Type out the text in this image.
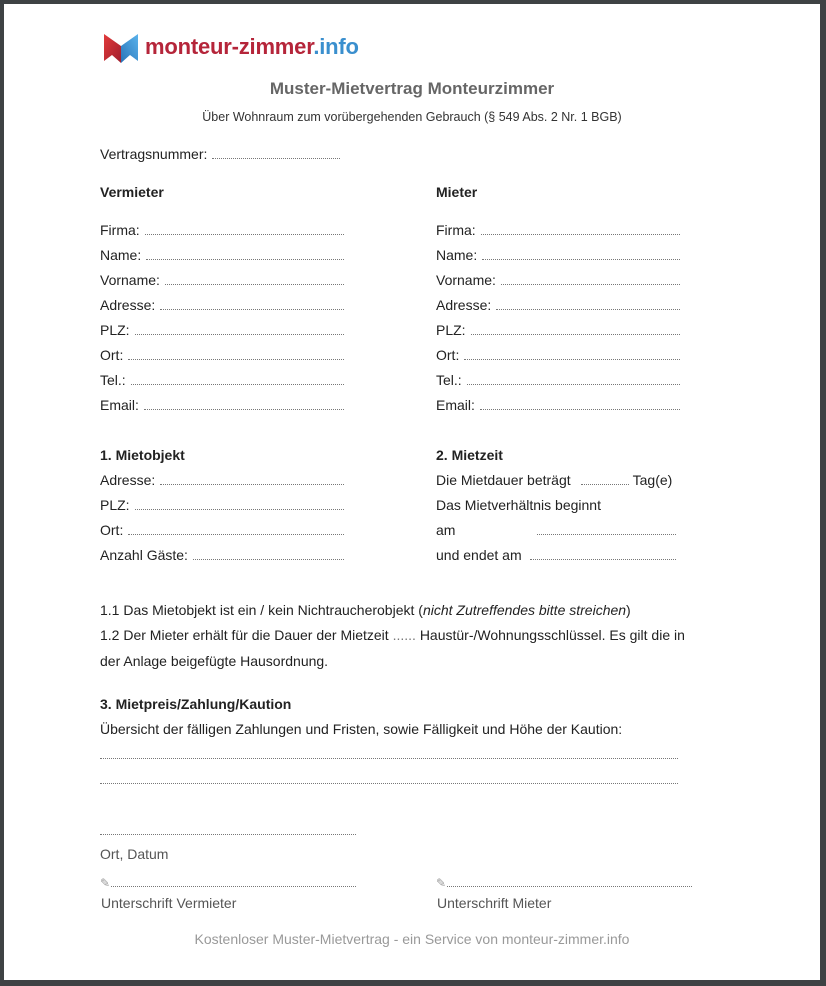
monteur-zimmer.info
Muster-Mietvertrag Monteurzimmer
Über Wohnraum zum vorübergehenden Gebrauch (§ 549 Abs. 2 Nr. 1 BGB)
Vertragsnummer:
Vermieter
Firma:
Name:
Vorname:
Adresse:
PLZ:
Ort:
Tel.:
Email:
Mieter
Firma:
Name:
Vorname:
Adresse:
PLZ:
Ort:
Tel.:
Email:
1. Mietobjekt
Adresse:
PLZ:
Ort:
Anzahl Gäste:
2. Mietzeit
Die Mietdauer beträgt	Tag(e)
Das Mietverhältnis beginnt
am
und endet am
1.1 Das Mietobjekt ist ein / kein Nichtraucherobjekt (nicht Zutreffendes bitte streichen)
1.2 Der Mieter erhält für die Dauer der Mietzeit ...... Haustür-/Wohnungsschlüssel. Es gilt die in
der Anlage beigefügte Hausordnung.
3. Mietpreis/Zahlung/Kaution
Übersicht der fälligen Zahlungen und Fristen, sowie Fälligkeit und Höhe der Kaution:
Ort, Datum
✎
Unterschrift Vermieter
✎
Unterschrift Mieter
Kostenloser Muster-Mietvertrag - ein Service von monteur-zimmer.info
